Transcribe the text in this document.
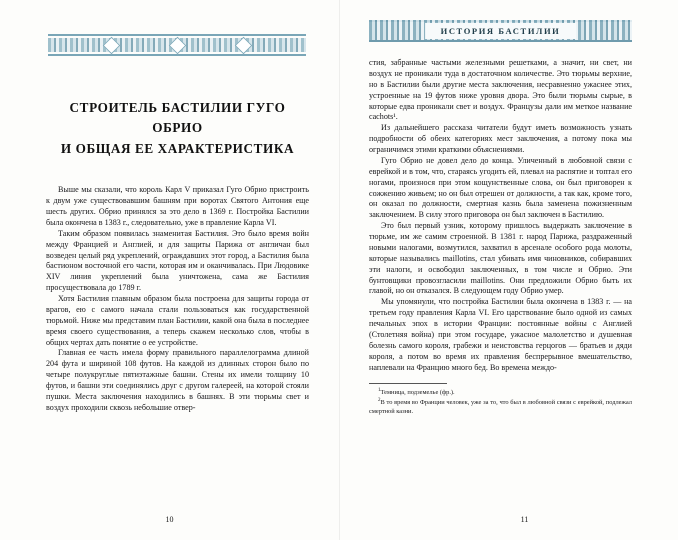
СТРОИТЕЛЬ БАСТИЛИИ ГУГО ОБРИО
И ОБЩАЯ ЕЕ ХАРАКТЕРИСТИКА

Выше мы сказали, что король Карл V приказал Гуго Обрио пристроить к двум уже существовавшим башням при воротах Святого Антония еще шесть других. Обрио принялся за это дело в 1369 г. Постройка Бастилии была окончена в 1383 г., следовательно, уже в правление Карла VI.

Таким образом появилась знаменитая Бастилия. Это было время войн между Францией и Англией, и для защиты Парижа от англичан был возведен целый ряд укреплений, ограждавших этот город, а Бастилия была бастионом восточной его части, которая им и оканчивалась. При Людовике XIV линия укреплений была уничтожена, сама же Бастилия просуществовала до 1789 г.

Хотя Бастилия главным образом была построена для защиты города от врагов, ею с самого начала стали пользоваться как государственной тюрьмой. Ниже мы представим план Бастилии, какой она была в последнее время своего существования, а теперь скажем несколько слов, чтобы в общих чертах дать понятие о ее устройстве.

Главная ее часть имела форму правильного параллелограмма длиной 204 фута и шириной 108 футов. На каждой из длинных сторон было по четыре полукруглые пятиэтажные башни. Стены их имели толщину 10 футов, и башни эти соединялись друг с другом галереей, на которой стояли пушки. Места заключения находились в башнях. В эти тюрьмы свет и воздух проходили сквозь небольшие отвер-

10
ИСТОРИЯ БАСТИЛИИ

стия, забранные частыми железными решетками, а значит, ни свет, ни воздух не проникали туда в достаточном количестве. Это тюрьмы верхние, но в Бастилии были другие места заключения, несравненно ужаснее этих, устроенные на 19 футов ниже уровня двора. Это были тюрьмы сырые, в которые едва проникали свет и воздух. Французы дали им меткое название cachots¹.

Из дальнейшего рассказа читатели будут иметь возможность узнать подробности об обеих категориях мест заключения, а потому пока мы ограничимся этими краткими объяснениями.

Гуго Обрио не довел дело до конца. Уличенный в любовной связи с еврейкой и в том, что, стараясь угодить ей, плевал на распятие и топтал его ногами, произнося при этом кощунственные слова, он был приговорен к сожжению живьем; но он был отрешен от должности, а так как, кроме того, он оказал по должности, смертная казнь была заменена пожизненным заключением. В силу этого приговора он был заключен в Бастилию.

Это был первый узник, которому пришлось выдержать заключение в тюрьме, им же самим строенной. В 1381 г. народ Парижа, раздраженный новыми налогами, возмутился, захватил в арсенале особого рода молоты, которые назывались maillotins, стал убивать имя чиновников, собиравших эти налоги, и освободил заключенных, в том числе и Обрио. Эти бунтовщики провозгласили maillotins. Они предложили Обрио быть их главой, но он отказался. В следующем году Обрио умер.

Мы упомянули, что постройка Бастилии была окончена в 1383 г. — на третьем году правления Карла VI. Его царствование было одной из самых печальных эпох в истории Франции: постоянные войны с Англией (Столетняя война) при этом государе, ужасное малолетство и душевная болезнь самого короля, грабежи и неистовства герцогов — братьев и дяди короля, а потом во время их правления беспрерывное вмешательство, наплевали на Францию много бед. Во времена междо-

$^1$Темница, подземелье (фр.).

$^2$В то время во Франции человек, уже за то, что был в любовной связи с еврейкой, подлежал смертной казни.

11
